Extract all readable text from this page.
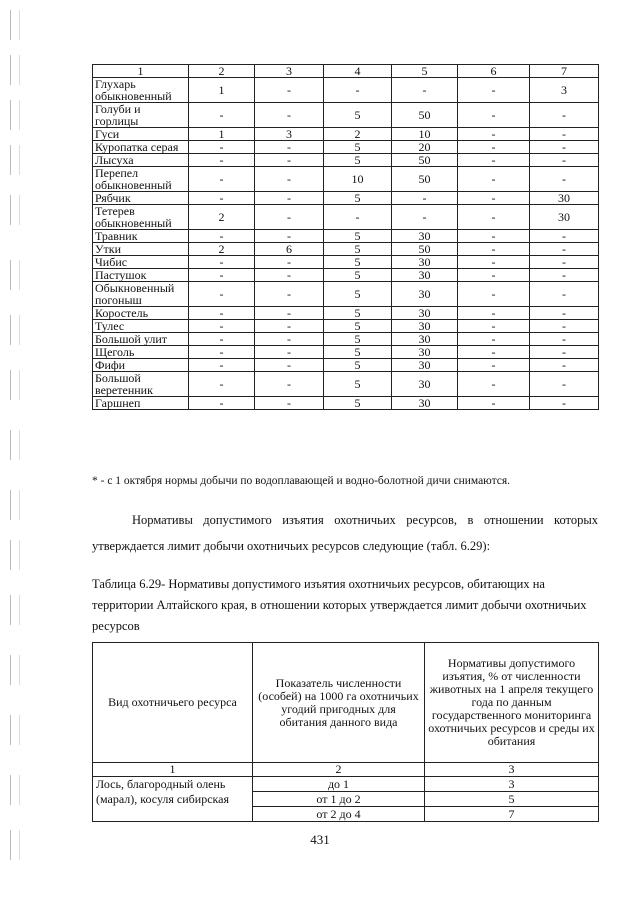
1	2	3	4	5	6	7

Глухарь
обыкновенный	1	-	-	-	-	3

Голуби и
горлицы	-	-	5	50	-	-

Гуси	1	3	2	10	-	-

Куропатка серая	-	-	5	20	-	-

Лысуха	-	-	5	50	-	-

Перепел
обыкновенный	-	-	10	50	-	-

Рябчик	-	-	5	-	-	30

Тетерев
обыкновенный	2	-	-	-	-	30

Травник	-	-	5	30	-	-

Утки	2	6	5	50	-	-

Чибис	-	-	5	30	-	-

Пастушок	-	-	5	30	-	-

Обыкновенный
погоныш	-	-	5	30	-	-

Коростель	-	-	5	30	-	-

Тулес	-	-	5	30	-	-

Большой улит	-	-	5	30	-	-

Щеголь	-	-	5	30	-	-

Фифи	-	-	5	30	-	-

Большой
веретенник	-	-	5	30	-	-

Гаршнеп	-	-	5	30	-	-
* - с 1 октября нормы добычи по водоплавающей и водно-болотной дичи снимаются.
Нормативы допустимого изъятия охотничьих ресурсов, в отношении которых утверждается лимит добычи охотничьих ресурсов следующие (табл. 6.29):
Таблица 6.29- Нормативы допустимого изъятия охотничьих ресурсов, обитающих на территории Алтайского края, в отношении которых утверждается лимит добычи охотничьих ресурсов
Вид охотничьего ресурса	Показатель численности (особей) на 1000 га охотничьих угодий пригодных для обитания данного вида	Нормативы допустимого изъятия, % от численности животных на 1 апреля текущего года по данным государственного мониторинга охотничьих ресурсов и среды их обитания
1	2	3
Лось, благородный олень (марал), косуля сибирская	до 1	3
	от 1 до 2	5
	от 2 до 4	7
431
